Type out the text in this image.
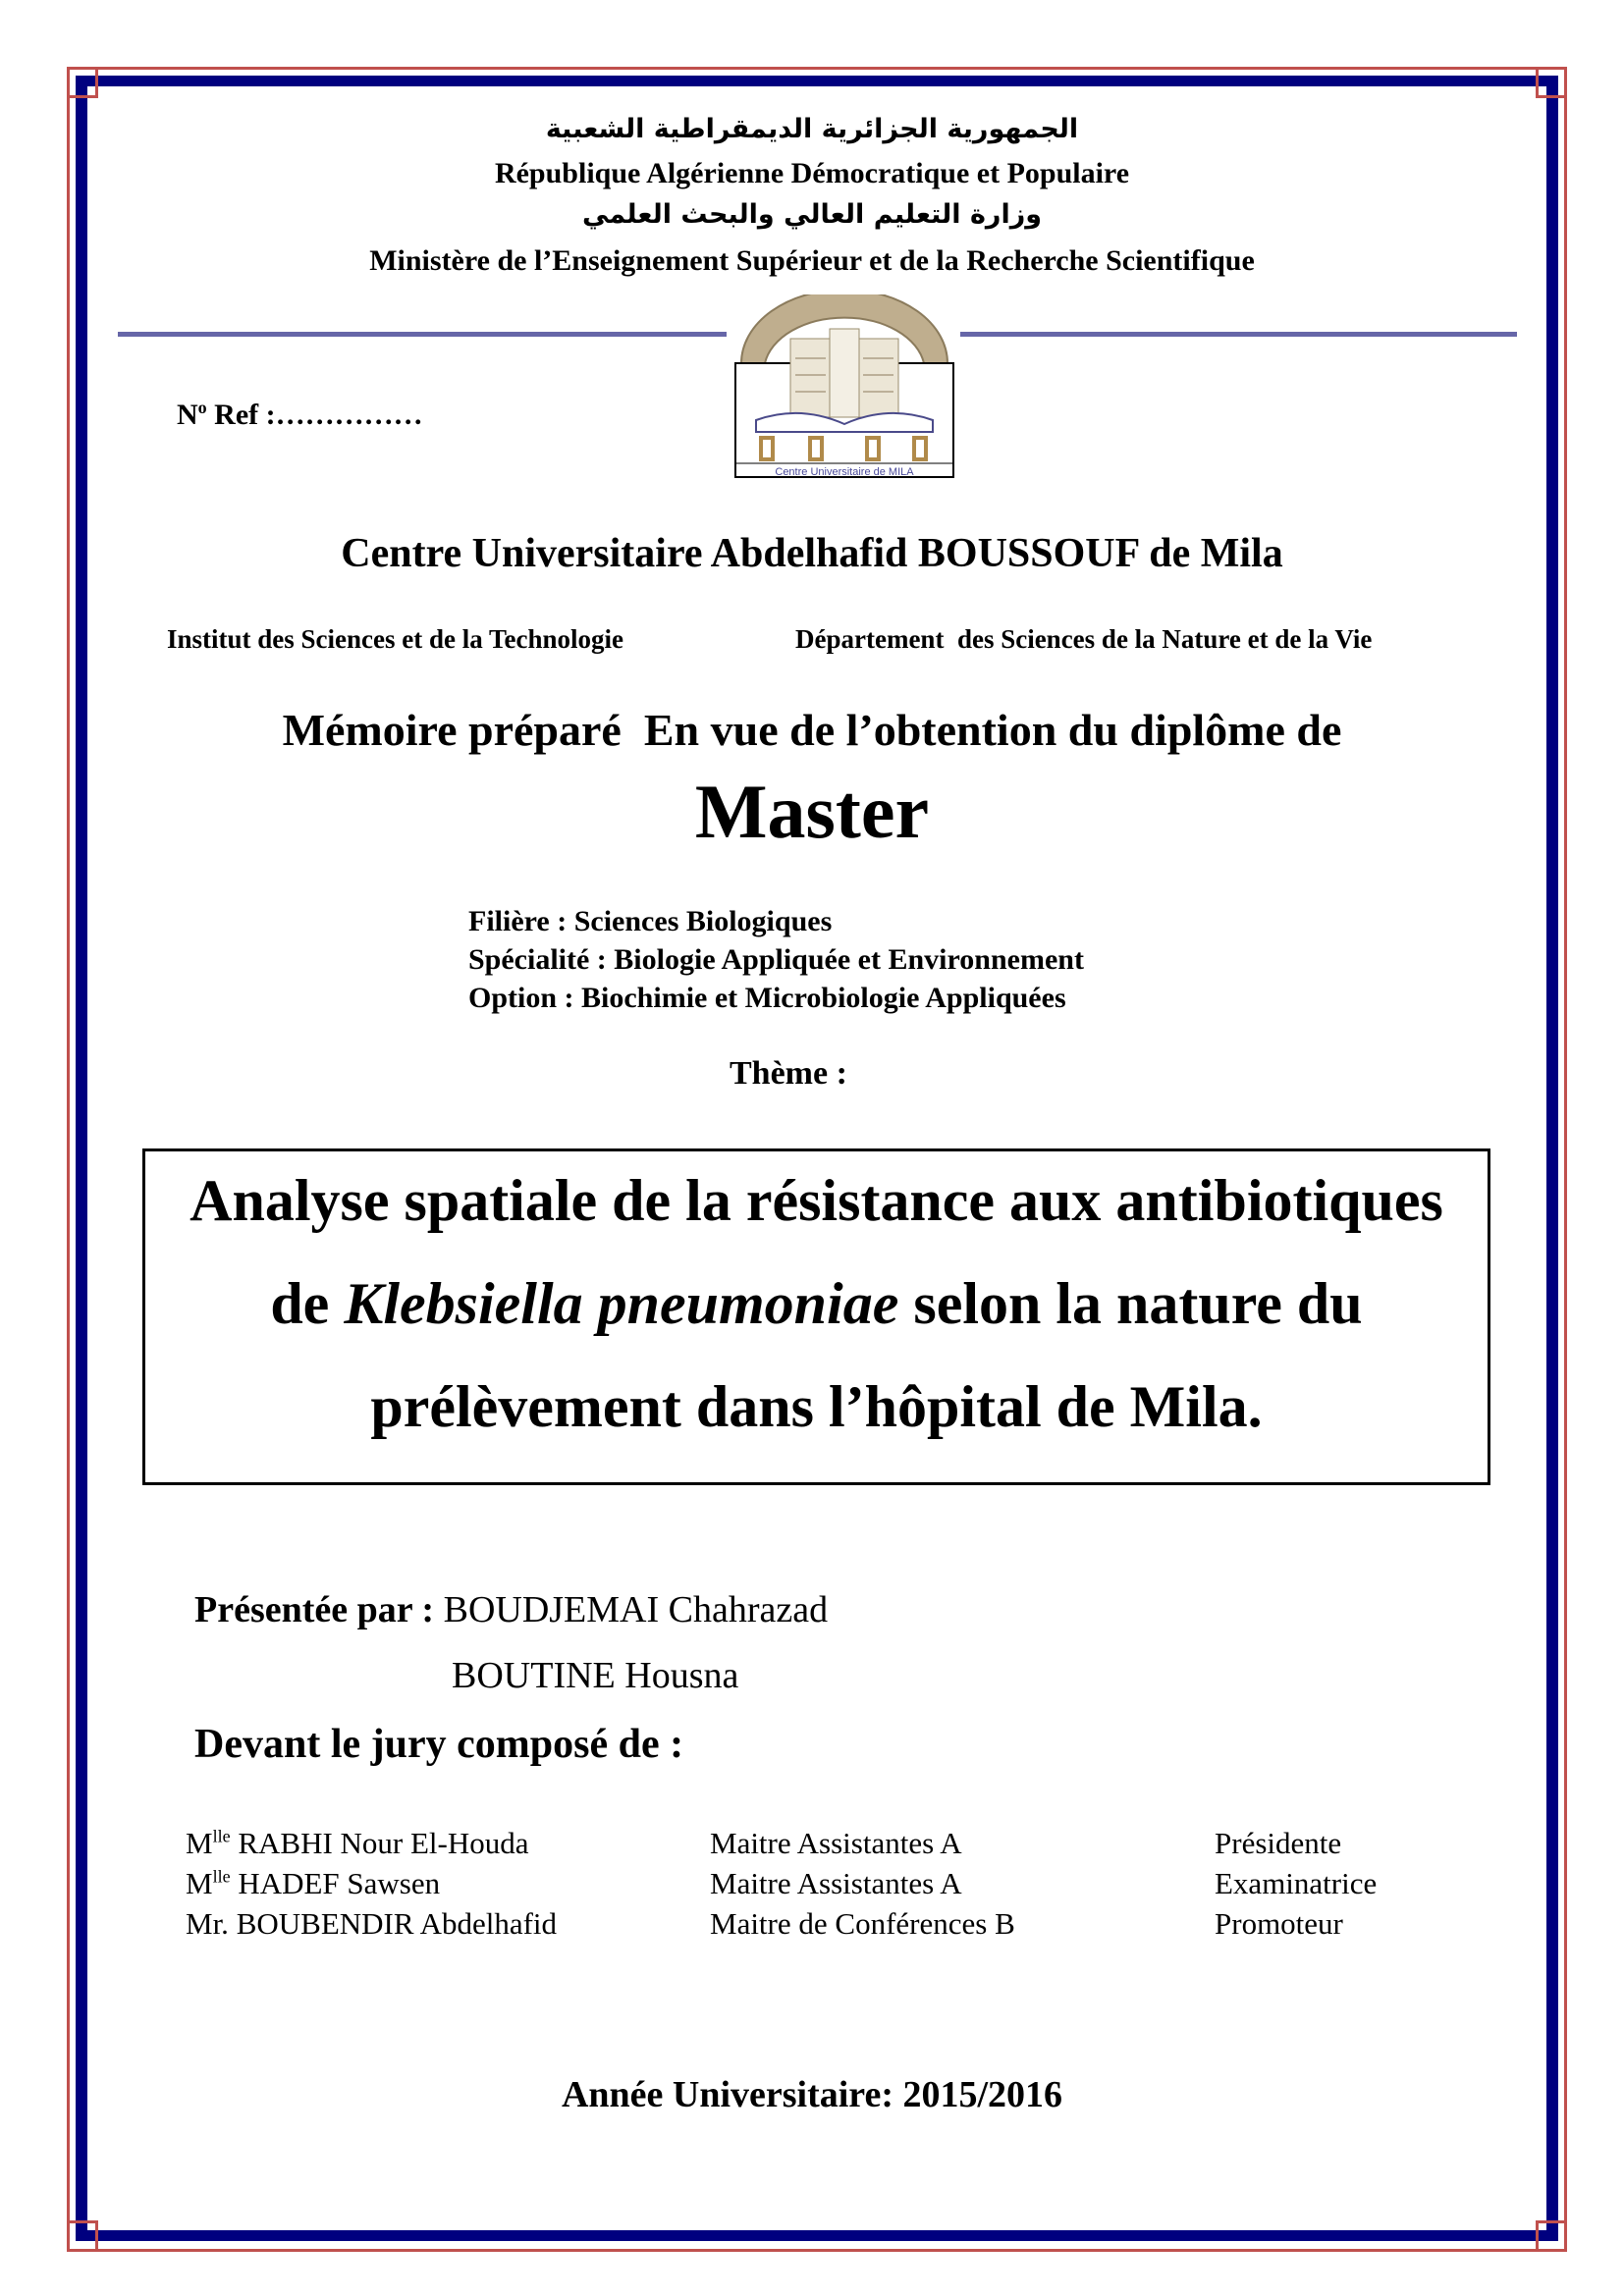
الجمهورية الجزائرية الديمقراطية الشعبية
République Algérienne Démocratique et Populaire
وزارة التعليم العالي والبحث العلمي
Ministère de l’Enseignement Supérieur et de la Recherche Scientifique
Centre Universitaire de MILA
$N^o$ Ref :……………
Centre Universitaire Abdelhafid BOUSSOUF de Mila
Institut des Sciences et de la Technologie	Département  des Sciences de la Nature et de la Vie
Mémoire préparé  En vue de l’obtention du diplôme de
Master
Filière : Sciences Biologiques
Spécialité : Biologie Appliquée et Environnement
Option : Biochimie et Microbiologie Appliquées
Thème :
Analyse spatiale de la résistance aux antibiotiques
de Klebsiella pneumoniae selon la nature du
prélèvement dans l’hôpital de Mila.
Présentée par : BOUDJEMAI Chahrazad
BOUTINE Housna
Devant le jury composé de :
$M^{lle}$ RABHI Nour El-Houda	Maitre Assistantes A	Présidente
$M^{lle}$ HADEF Sawsen	Maitre Assistantes A	Examinatrice
Mr. BOUBENDIR Abdelhafid	Maitre de Conférences B	Promoteur
Année Universitaire: 2015/2016
